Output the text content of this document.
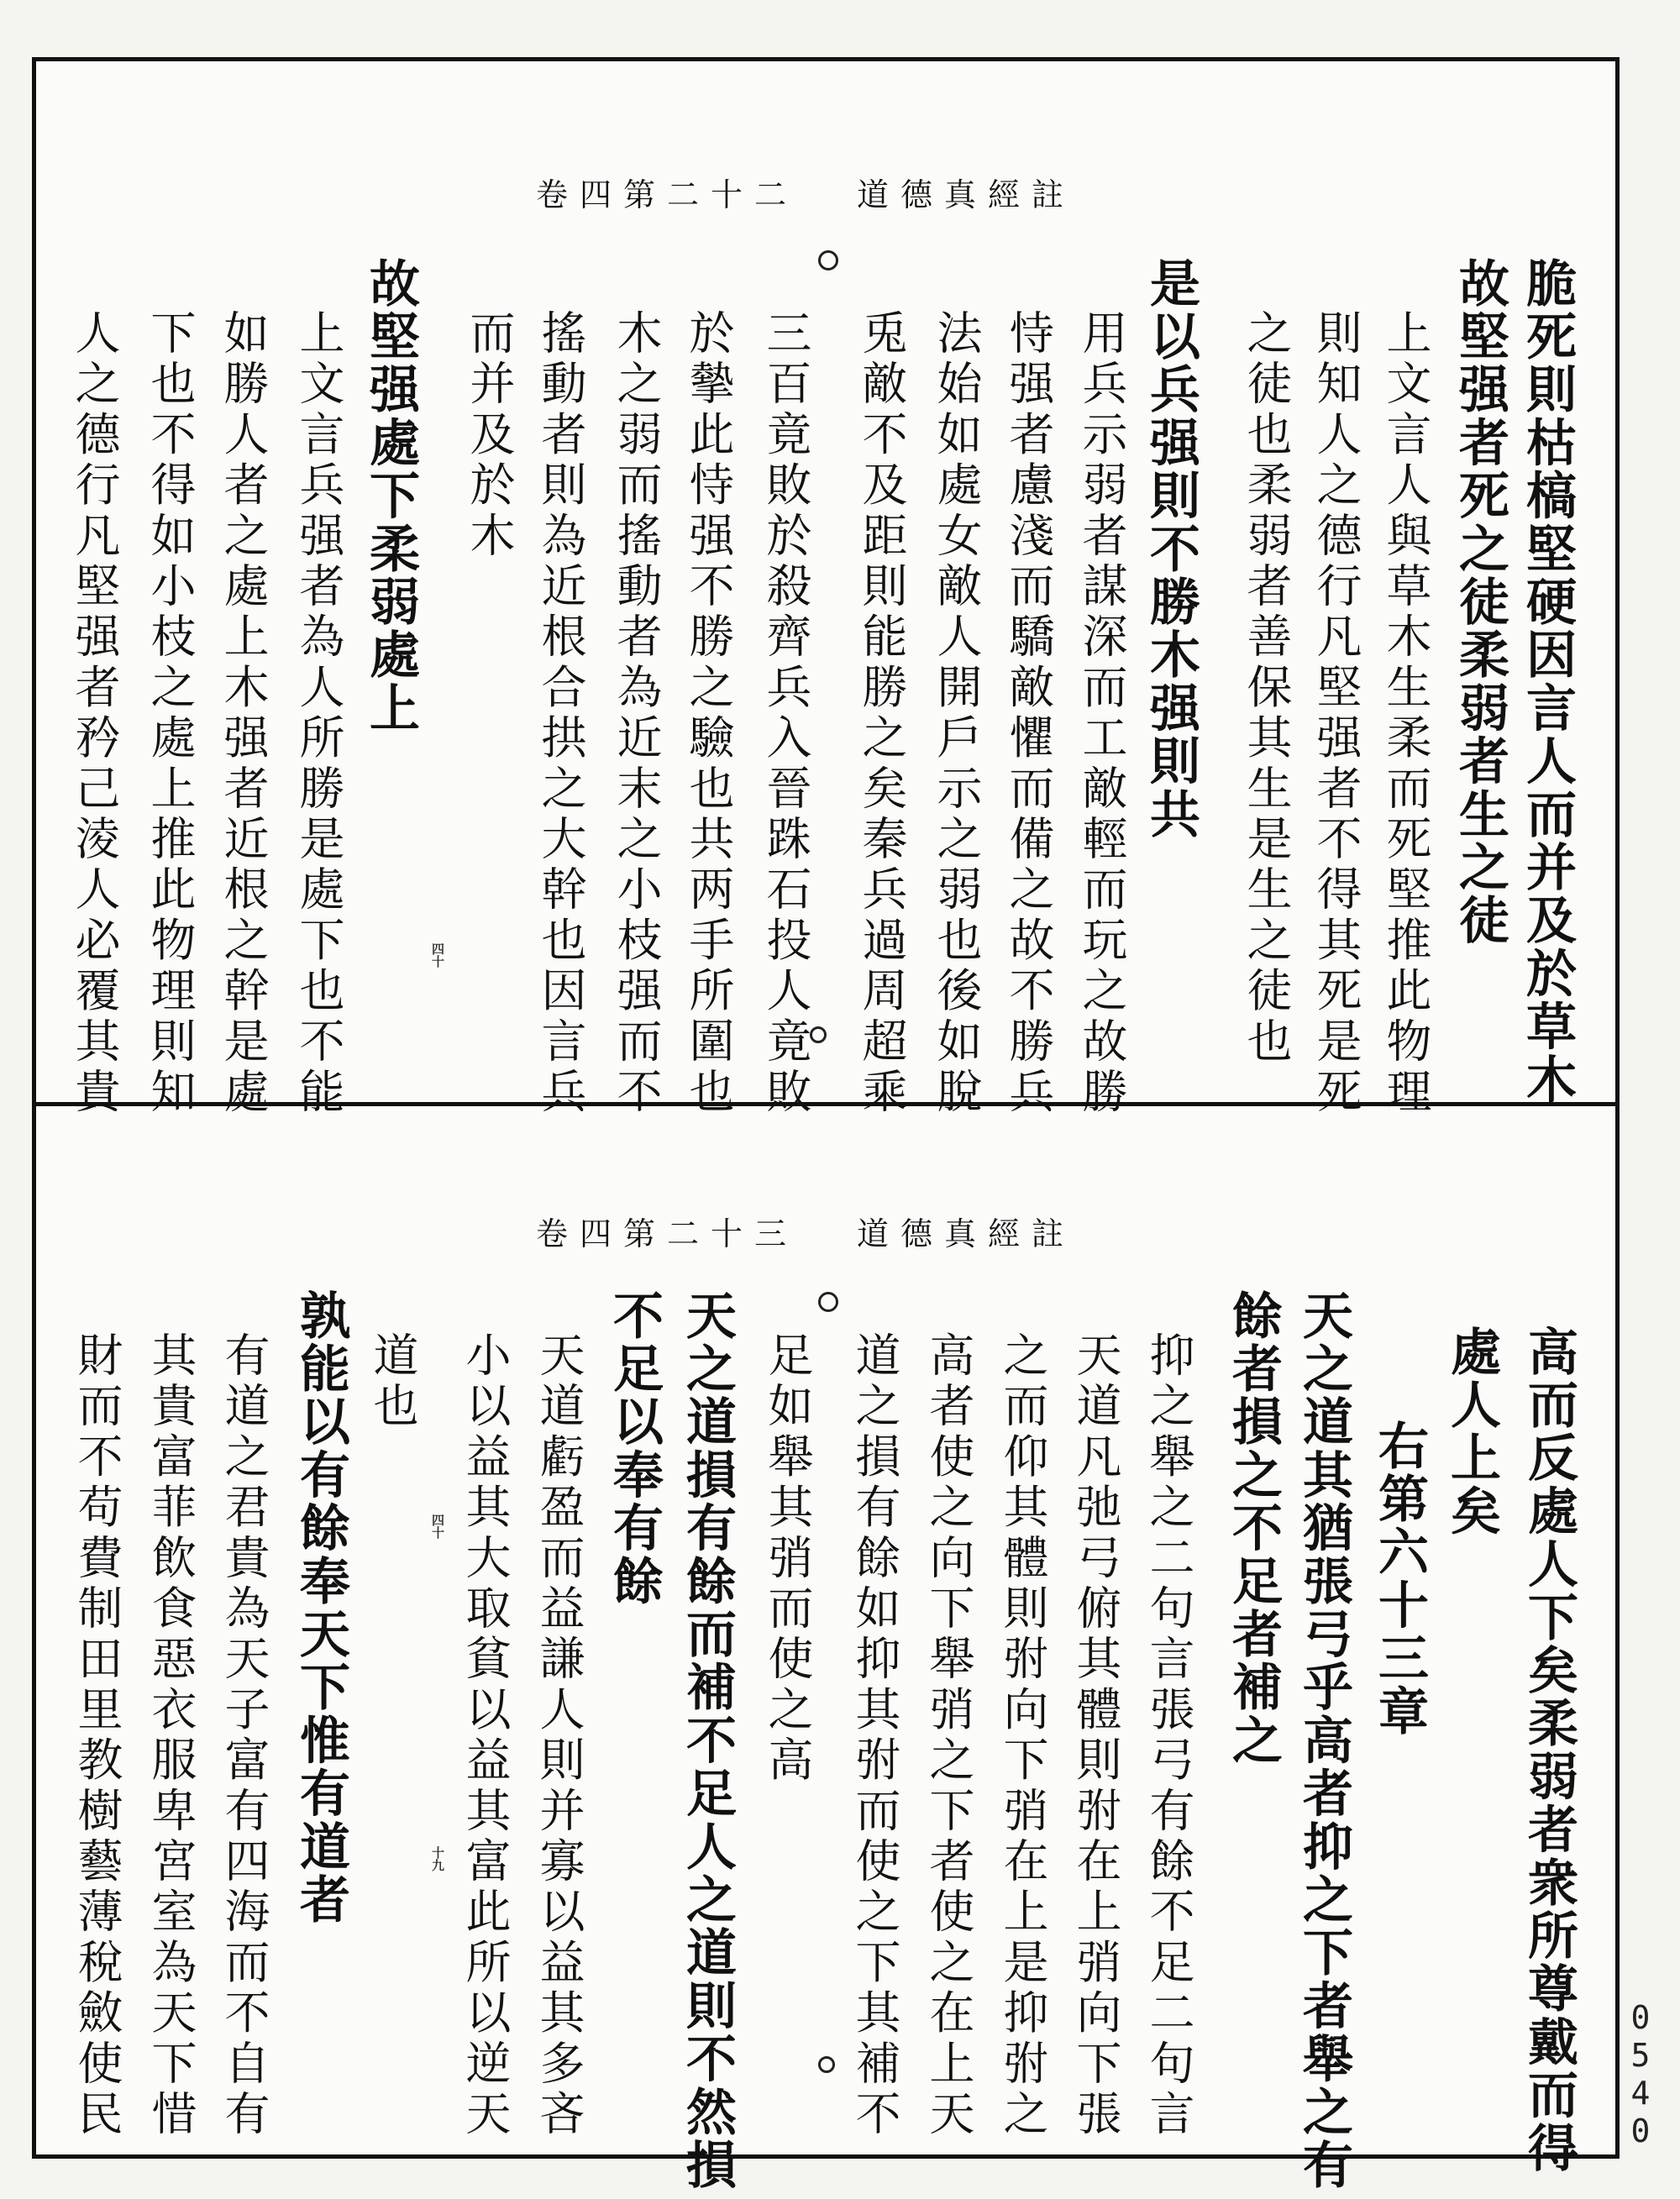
卷四第二十二 道德真經註
脆死則枯槁堅硬因言人而并及於草木
故堅强者死之徒柔弱者生之徒
上文言人與草木生柔而死堅推此物理
則知人之德行凡堅强者不得其死是死
之徒也柔弱者善保其生是生之徒也
是以兵强則不勝木强則共
用兵示弱者謀深而工敵輕而玩之故勝
恃强者慮淺而驕敵懼而備之故不勝兵
法始如處女敵人開戶示之弱也後如脫
兎敵不及距則能勝之矣秦兵過周超乘
三百竟敗於殺齊兵入晉跦石投人竟敗
於摰此恃强不勝之驗也共两手所圍也
木之弱而搖動者為近末之小枝强而不
搖動者則為近根合拱之大幹也因言兵
而并及於木
故堅强處下柔弱處上
上文言兵强者為人所勝是處下也不能
如勝人者之處上木强者近根之幹是處
下也不得如小枝之處上推此物理則知
人之德行凡堅强者矜己淩人必覆其貴	四十
卷四第二十三 道德真經註
高而反處人下矣柔弱者衆所尊戴而得
處人上矣
右第六十三章
天之道其猶張弓乎高者抑之下者舉之有
餘者損之不足者補之
抑之舉之二句言張弓有餘不足二句言
天道凡弛弓俯其體則弣在上弰向下張
之而仰其體則弣向下弰在上是抑弣之
高者使之向下舉弰之下者使之在上天
道之損有餘如抑其弣而使之下其補不
足如舉其弰而使之高
天之道損有餘而補不足人之道則不然損
不足以奉有餘
天道虧盈而益謙人則并寡以益其多吝
小以益其大取貧以益其富此所以逆天
道也
孰能以有餘奉天下惟有道者
有道之君貴為天子富有四海而不自有
其貴富菲飲食惡衣服卑宮室為天下惜
財而不苟費制田里教樹藝薄稅斂使民	四十
十九
0540
